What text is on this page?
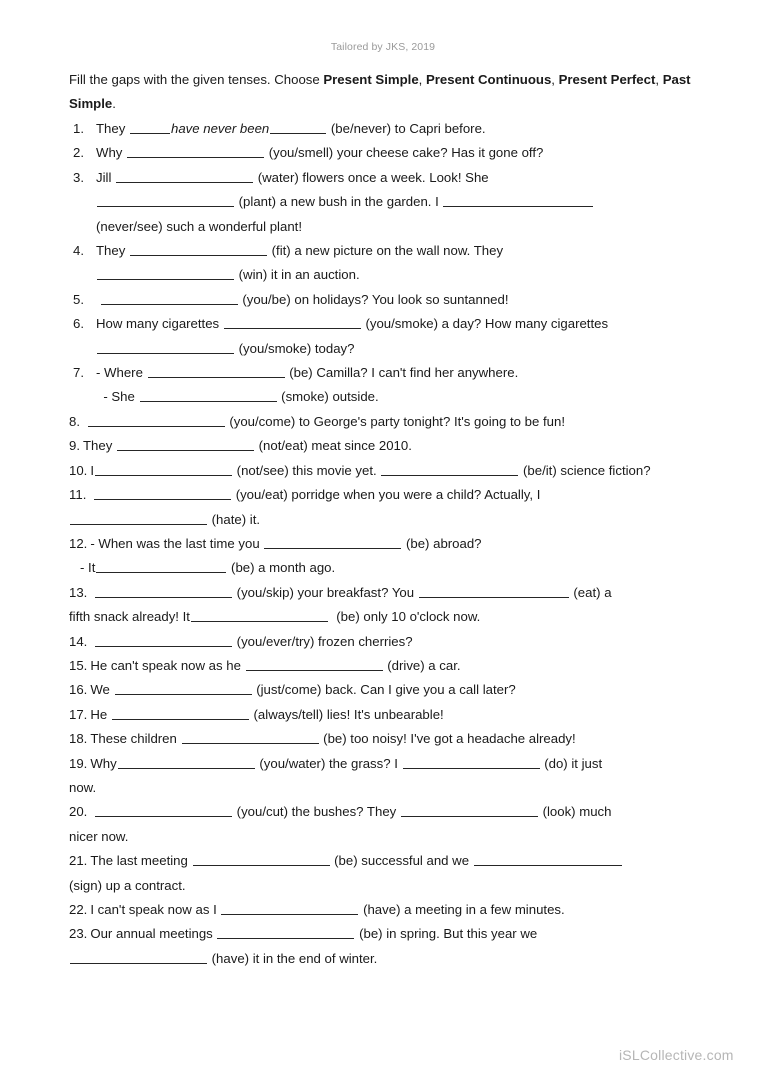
Tailored by JKS, 2019
Fill the gaps with the given tenses. Choose Present Simple, Present Continuous, Present Perfect, Past Simple.
1. They	have never been	(be/never) to Capri before.
2. Why	(you/smell) your cheese cake? Has it gone off?
3. Jill	(water) flowers once a week. Look! She
(plant) a new bush in the garden. I
(never/see) such a wonderful plant!
4. They	(fit) a new picture on the wall now. They
(win) it in an auction.
5.	(you/be) on holidays? You look so suntanned!
6. How many cigarettes	(you/smoke) a day? How many cigarettes
(you/smoke) today?
7. - Where	(be) Camilla? I can't find her anywhere.
- She	(smoke) outside.
8.	(you/come) to George's party tonight? It's going to be fun!
9. They	(not/eat) meat since 2010.
10. I	(not/see) this movie yet.	(be/it) science fiction?
11.	(you/eat) porridge when you were a child? Actually, I
(hate) it.
12. - When was the last time you	(be) abroad?
- It	(be) a month ago.
13.	(you/skip) your breakfast? You	(eat) a
fifth snack already! It	(be) only 10 o'clock now.
14.	(you/ever/try) frozen cherries?
15. He can't speak now as he	(drive) a car.
16. We	(just/come) back. Can I give you a call later?
17. He	(always/tell) lies! It's unbearable!
18. These children	(be) too noisy! I've got a headache already!
19. Why	(you/water) the grass? I	(do) it just
now.
20.	(you/cut) the bushes? They	(look) much
nicer now.
21. The last meeting	(be) successful and we
(sign) up a contract.
22. I can't speak now as I	(have) a meeting in a few minutes.
23. Our annual meetings	(be) in spring. But this year we
(have) it in the end of winter.
iSLCollective.com
